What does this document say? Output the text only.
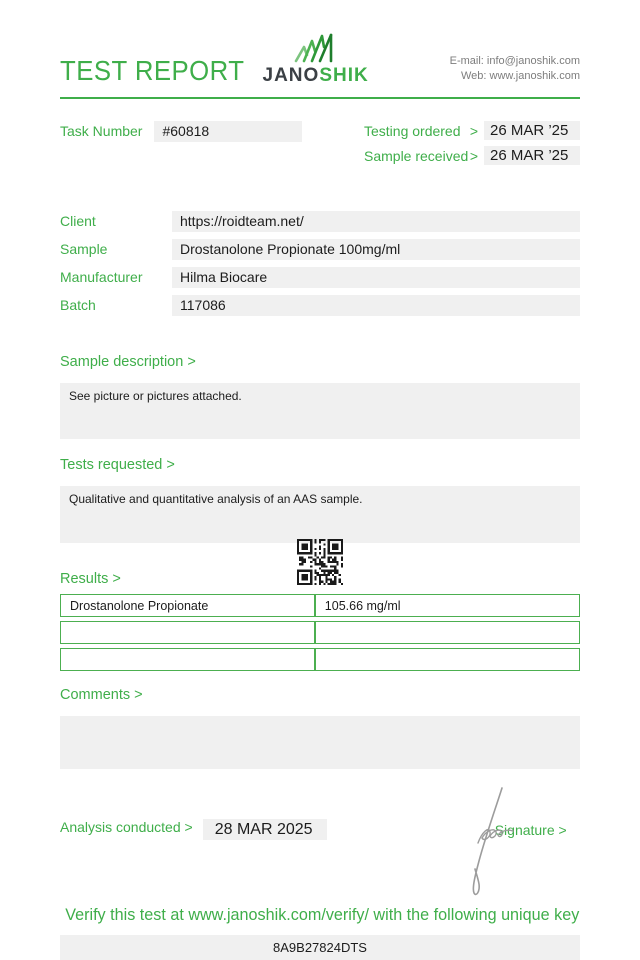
TEST REPORT JANOSHIK
E-mail: info@janoshik.com
Web: www.janoshik.com
Task Number	#60818	Testing ordered > 26 MAR ’25
Sample received > 26 MAR ’25
Client	https://roidteam.net/
Sample	Drostanolone Propionate 100mg/ml
Manufacturer	Hilma Biocare
Batch	117086
Sample description >
See picture or pictures attached.
Tests requested >
Qualitative and quantitative analysis of an AAS sample.
Results >
Drostanolone Propionate	105.66 mg/ml

Comments >
Analysis conducted >	28 MAR 2025	Signature >
Verify this test at www.janoshik.com/verify/ with the following unique key
8A9B27824DTS
